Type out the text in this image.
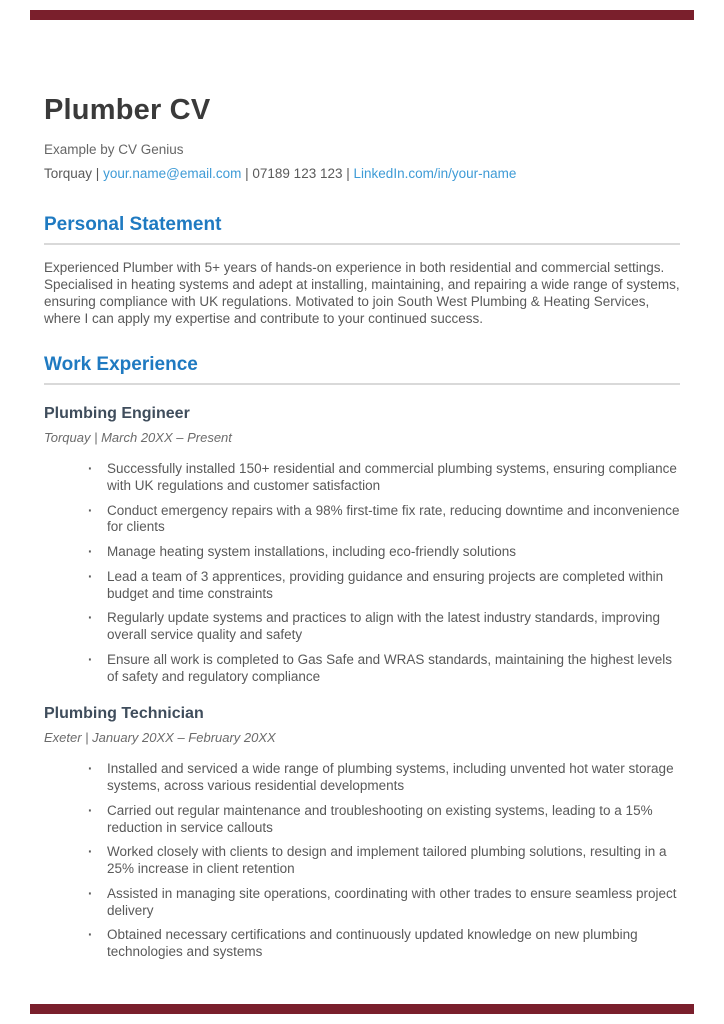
Plumber CV

Example by CV Genius

Torquay | your.name@email.com | 07189 123 123 | LinkedIn.com/in/your-name

Personal Statement

Experienced Plumber with 5+ years of hands-on experience in both residential and commercial settings. Specialised in heating systems and adept at installing, maintaining, and repairing a wide range of systems, ensuring compliance with UK regulations. Motivated to join South West Plumbing & Heating Services, where I can apply my expertise and contribute to your continued success.

Work Experience
Plumbing Engineer

Torquay | March 20XX – Present

· Successfully installed 150+ residential and commercial plumbing systems, ensuring compliance with UK regulations and customer satisfaction
· Conduct emergency repairs with a 98% first-time fix rate, reducing downtime and inconvenience for clients
· Manage heating system installations, including eco-friendly solutions
· Lead a team of 3 apprentices, providing guidance and ensuring projects are completed within budget and time constraints
· Regularly update systems and practices to align with the latest industry standards, improving overall service quality and safety
· Ensure all work is completed to Gas Safe and WRAS standards, maintaining the highest levels of safety and regulatory compliance
Plumbing Technician

Exeter | January 20XX – February 20XX

· Installed and serviced a wide range of plumbing systems, including unvented hot water storage systems, across various residential developments
· Carried out regular maintenance and troubleshooting on existing systems, leading to a 15% reduction in service callouts
· Worked closely with clients to design and implement tailored plumbing solutions, resulting in a 25% increase in client retention
· Assisted in managing site operations, coordinating with other trades to ensure seamless project delivery
· Obtained necessary certifications and continuously updated knowledge on new plumbing technologies and systems
